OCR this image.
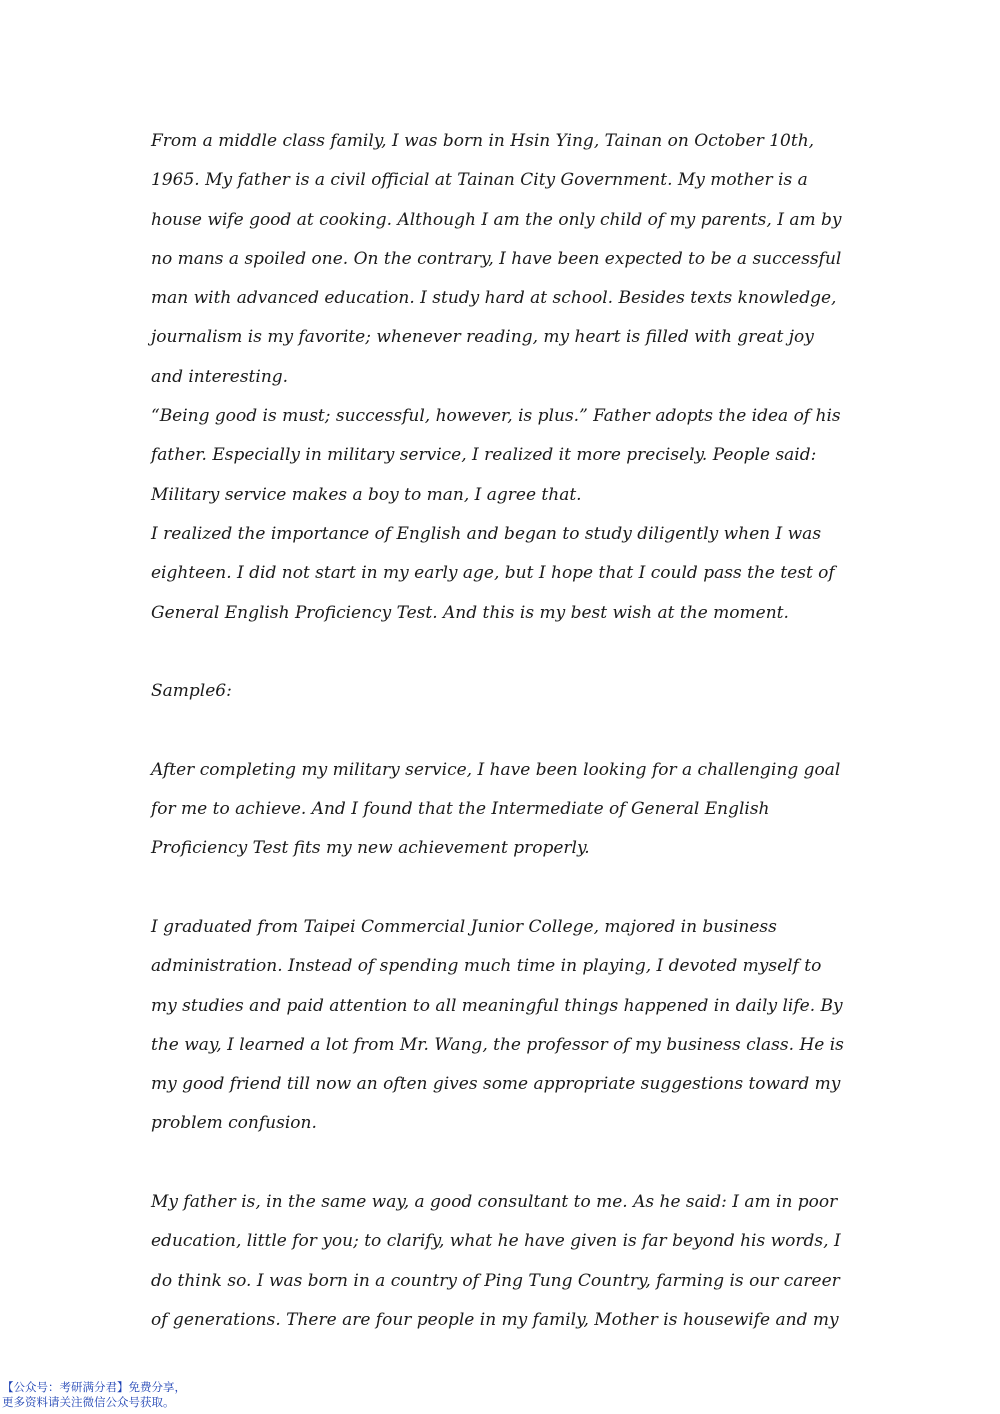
From a middle class family, I was born in Hsin Ying, Tainan on October 10th, 1965. My father is a civil official at Tainan City Government. My mother is a house wife good at cooking. Although I am the only child of my parents, I am by no mans a spoiled one. On the contrary, I have been expected to be a successful man with advanced education. I study hard at school. Besides texts knowledge, journalism is my favorite; whenever reading, my heart is filled with great joy and interesting.

“Being good is must; successful, however, is plus.” Father adopts the idea of his father. Especially in military service, I realized it more precisely. People said: Military service makes a boy to man, I agree that.

I realized the importance of English and began to study diligently when I was eighteen. I did not start in my early age, but I hope that I could pass the test of General English Proficiency Test. And this is my best wish at the moment.

Sample6:

After completing my military service, I have been looking for a challenging goal for me to achieve. And I found that the Intermediate of General English Proficiency Test fits my new achievement properly.

I graduated from Taipei Commercial Junior College, majored in business administration. Instead of spending much time in playing, I devoted myself to my studies and paid attention to all meaningful things happened in daily life. By the way, I learned a lot from Mr. Wang, the professor of my business class. He is my good friend till now an often gives some appropriate suggestions toward my problem confusion.

My father is, in the same way, a good consultant to me. As he said: I am in poor education, little for you; to clarify, what he have given is far beyond his words, I do think so. I was born in a country of Ping Tung Country, farming is our career of generations. There are four people in my family, Mother is housewife and my

【公众号：考研满分君】免费分享，
更多资料请关注微信公众号获取。
